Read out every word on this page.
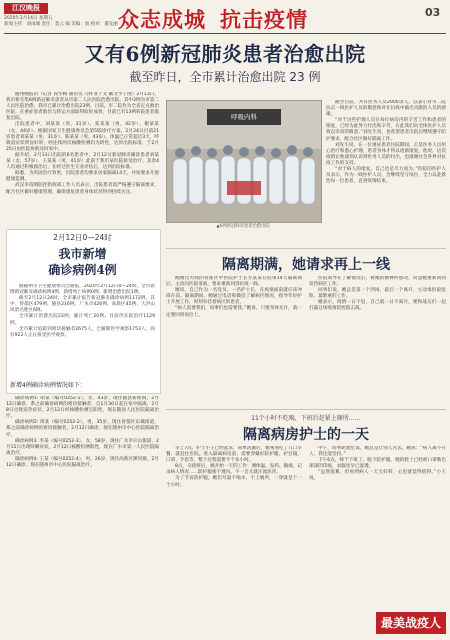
江汉晚报
2020年2月14日 星期五
新闻主持：刘雨城 责任：莫云 编 美编：翁 校对：董先丽 众志成城 抗击疫情	03
又有6例新冠肺炎患者治愈出院
截至昨日，全市累计治愈出院 23 例

随州晚报讯（记者 段华梅 通讯员 马怀业 / 文 戴文学 / 图）2月13日，我市新毛集6例新冠肺炎患者从市第二人民医院治愈出院。其中2例为市第二人民医院治愈，我市已累计治愈出院23例。目前，市二院作为全省定点救治医院，在重症患者救治与转运方面取得较好成效，目前已有13例转院患者康复出院。

出院患者中，刘某某（男，31岁）、张某某（男，42岁）、谢某某（女，44岁）。根据国家卫生健康委员会第5版诊疗方案，2月24日目前21岁患者刘某某（男，31岁）、陈某某（男，43岁），体温已正常超过3天，呼吸道症状明显好转，经连续两次核酸检测均为阴性，达到出院标准，于2月25日由医院协助送回家中。

据介绍，2月13日出院的6名患者中，2月12日新冠肺炎确诊患者刘某某（女，57岁）、王某某（男，41岁）此前于我市某医院接受治疗；其余4人均通过积极救治后，在经过医生专业评估后，达到出院标准。

据悉，为巩固治疗效果，出院患者均要求居家隔离14天，并按要求开展健康监测。

武汉市疫情防控指挥部工作人员表示，出院患者需严格遵守隔离要求，配合社区做好健康管理，确保康复患者身体状况得到持续关注。

呼吸内科
▲6例新冠肺炎患者治愈出院

截至目前，共有医务人员2000余人，以表示对市二院抗击一线医护人员的敬意和对在抗疫中做出贡献的人员的感谢。

“对于这些护理人员在每位病房内的辛苦工作和患者的恢复，已经为此努力付出和辛劳，在此我们向全体医护人员致以崇高的敬意。”刘先生说，也希望患者出院后继续遵守防护要求，配合社区做好隔离工作。

刘先生说，在一位重症患者住院期间，正是医务人员用心治疗和悉心护理，患者身体才得以逐渐康复。他说，这次疫情让他深刻认识到医务人员的付出，也感谢社会各界对抗疫工作的支持。

“对于病人的康复，自己也是尽力而为。”医院的医护人员表示，作为一线医护人员，会继续坚守岗位，全力以赴救治每一位患者，直到疫情结束。

2月12日0—24时
我市新增
确诊病例4例

据随州市卫生健康委员会通报，2020年2月12日0—24时，全市新增新冠肺炎确诊病例4例，新增死亡病例0例，新增治愈出院1例。

截至2月12日24时，全市累计报告新冠肺炎确诊病例1172例，其中：曾都区479例、随县216例、广水市426例、高新区45例、大洪山风景名胜区6例。

全市累计治愈出院23例，累计死亡20例。目前仍在院治疗1129例。

全市累计追踪到密切接触者2675人，已解除医学观察1753人，尚有922人正在接受医学观察。

新增4例确诊病例情况如下：

确诊病例1: 胡某（编号0252-1），女，43岁，现住随县新街镇，2月12日确诊，系之前确诊病例的密切接触者，自1月30日起在家中隔离，2月8日出现发热症状，2月12日经核酸检测呈阳性，现在随县人民医院隔离治疗。

确诊病例2: 周某（编号0252-2），男，35岁，现住曾都区东城街道，系之前确诊病例的密切接触者，2月12日确诊，现在随州市中心医院隔离治疗。

确诊病例3: 李某（编号0252-3），女，58岁，现住广水市应山街道，2月11日出现咳嗽症状，2月12日核酸检测阳性，现在广水市第一人民医院隔离治疗。

确诊病例4: 王某（编号0252-4），男，26岁，现住高新区淅河镇，2月12日确诊，现在随州市中心医院隔离治疗。

隔离期满，她请求再上一线

刚刚出火线的曾都区中医院护士长方某某在结束14天隔离期后，主动向医院请战，要求重新回到抗疫一线。

她说，自己作为一名党员、一名护士长，在疫情面前就应该冲锋在前。隔离期间，她通过电话和微信了解病区情况，指导年轻护士开展工作，时刻牵挂着病区的患者。

“病人需要我们，同事们也需要我。”她说，只要身体允许，就一定要回到岗位上。

医院领导在了解情况后，被她的精神所感动，同意她重新回到发热病区工作。

同事们说，她总是第一个到岗，最后一个离开，主动承担最危险、最繁重的工作。

她表示，疫情一日不退，自己就一日不离开，要和战友们一起打赢这场疫情防控阻击战。

11个小时不吃喝，下班后赶紧上厕所……
隔离病房护士的一天

早上7点，护士小王已经起床，简单洗漱后，她匆匆吃了几口早餐，就赶往医院。进入隔离病房前，需要穿戴好防护服、护目镜、口罩、手套等，整个过程需要半个多小时。

8点，交接班后，她开始一天的工作：测体温、发药、输液、记录病人情况……防护服密不透风，不一会儿就汗流浃背。

为了节省防护服，她们尽量不喝水、不上厕所，一穿就是十一个小时。

中午，同事轮流吃饭，她总是让别人先去。她说：“病人离不开人，我还能坚持。”

下午6点，终于下班了。脱下防护服，她的脸上已经被口罩勒出深深的印痕，衣服也早已湿透。

“虽然很累，但看到病人一天天好转，心里就觉得值得。”小王说。

最美战疫人
